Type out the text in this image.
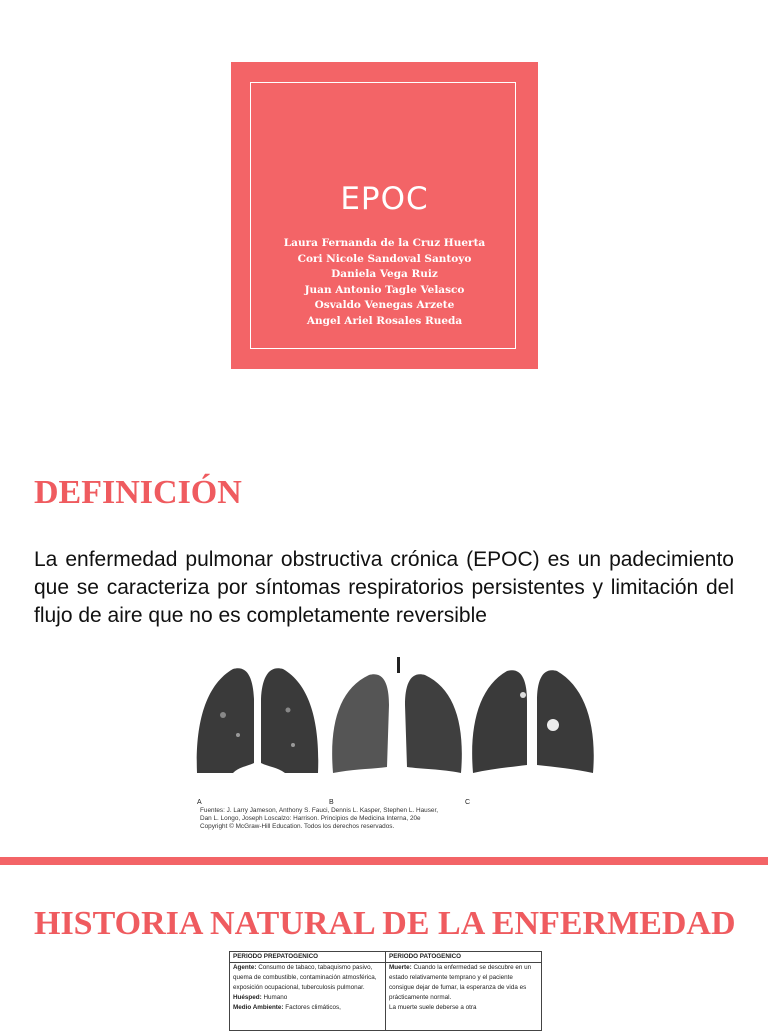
EPOC
Laura Fernanda de la Cruz Huerta
Cori Nicole Sandoval Santoyo
Daniela Vega Ruiz
Juan Antonio Tagle Velasco
Osvaldo Venegas Arzete
Angel Ariel Rosales Rueda
DEFINICIÓN
La enfermedad pulmonar obstructiva crónica (EPOC) es un padecimiento que se caracteriza por síntomas respiratorios persistentes y limitación del flujo de aire que no es completamente reversible
A	B	C
Fuentes: J. Larry Jameson, Anthony S. Fauci, Dennis L. Kasper, Stephen L. Hauser,
Dan L. Longo, Joseph Loscalzo: Harrison. Principios de Medicina Interna, 20e
Copyright © McGraw-Hill Education. Todos los derechos reservados.
HISTORIA NATURAL DE LA ENFERMEDAD
PERIODO PREPATOGENICO
Agente: Consumo de tabaco, tabaquismo pasivo, quema de combustible, contaminación atmosférica, exposición ocupacional, tuberculosis pulmonar.
Huésped: Humano
Medio Ambiente: Factores climáticos,
PERIODO PATOGENICO
Muerte: Cuando la enfermedad se descubre en un estado relativamente temprano y el paciente consigue dejar de fumar, la esperanza de vida es prácticamente normal.
La muerte suele deberse a otra
